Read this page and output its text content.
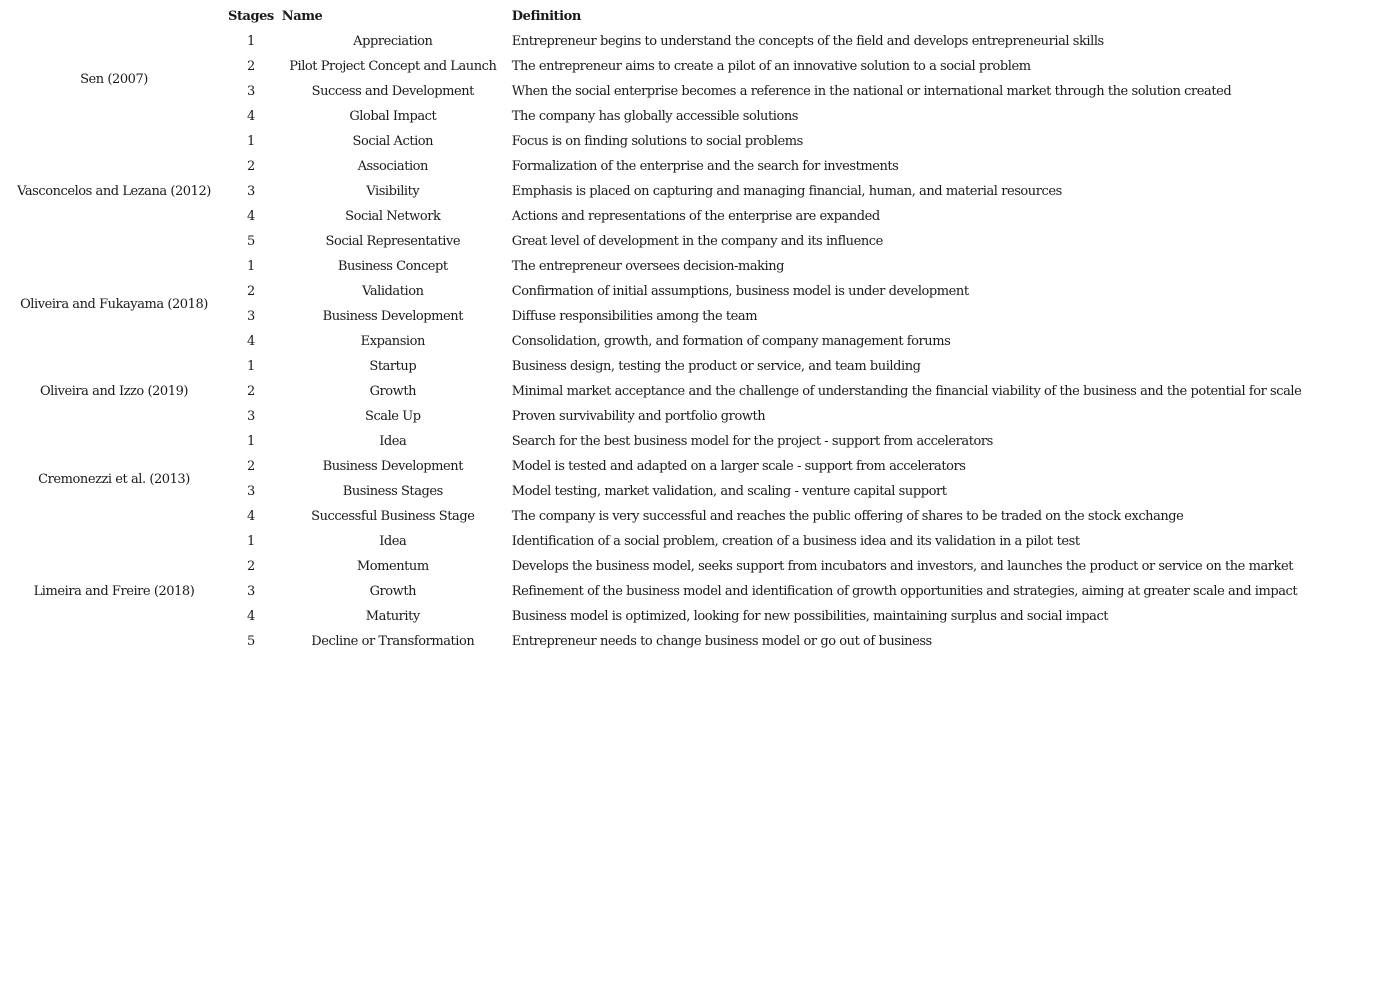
	Stages	Name	Definition
Sen (2007)	1	Appreciation	Entrepreneur begins to understand the concepts of the field and develops entrepreneurial skills
	2	Pilot Project Concept and Launch	The entrepreneur aims to create a pilot of an innovative solution to a social problem
	3	Success and Development	When the social enterprise becomes a reference in the national or international market through the solution created
	4	Global Impact	The company has globally accessible solutions
Vasconcelos and Lezana (2012)	1	Social Action	Focus is on finding solutions to social problems
	2	Association	Formalization of the enterprise and the search for investments
	3	Visibility	Emphasis is placed on capturing and managing financial, human, and material resources
	4	Social Network	Actions and representations of the enterprise are expanded
	5	Social Representative	Great level of development in the company and its influence
Oliveira and Fukayama (2018)	1	Business Concept	The entrepreneur oversees decision-making
	2	Validation	Confirmation of initial assumptions, business model is under development
	3	Business Development	Diffuse responsibilities among the team
	4	Expansion	Consolidation, growth, and formation of company management forums
Oliveira and Izzo (2019)	1	Startup	Business design, testing the product or service, and team building
	2	Growth	Minimal market acceptance and the challenge of understanding the financial viability of the business and the potential for scale
	3	Scale Up	Proven survivability and portfolio growth
Cremonezzi et al. (2013)	1	Idea	Search for the best business model for the project - support from accelerators
	2	Business Development	Model is tested and adapted on a larger scale - support from accelerators
	3	Business Stages	Model testing, market validation, and scaling - venture capital support
	4	Successful Business Stage	The company is very successful and reaches the public offering of shares to be traded on the stock exchange
Limeira and Freire (2018)	1	Idea	Identification of a social problem, creation of a business idea and its validation in a pilot test
	2	Momentum	Develops the business model, seeks support from incubators and investors, and launches the product or service on the market
	3	Growth	Refinement of the business model and identification of growth opportunities and strategies, aiming at greater scale and impact
	4	Maturity	Business model is optimized, looking for new possibilities, maintaining surplus and social impact
	5	Decline or Transformation	Entrepreneur needs to change business model or go out of business
